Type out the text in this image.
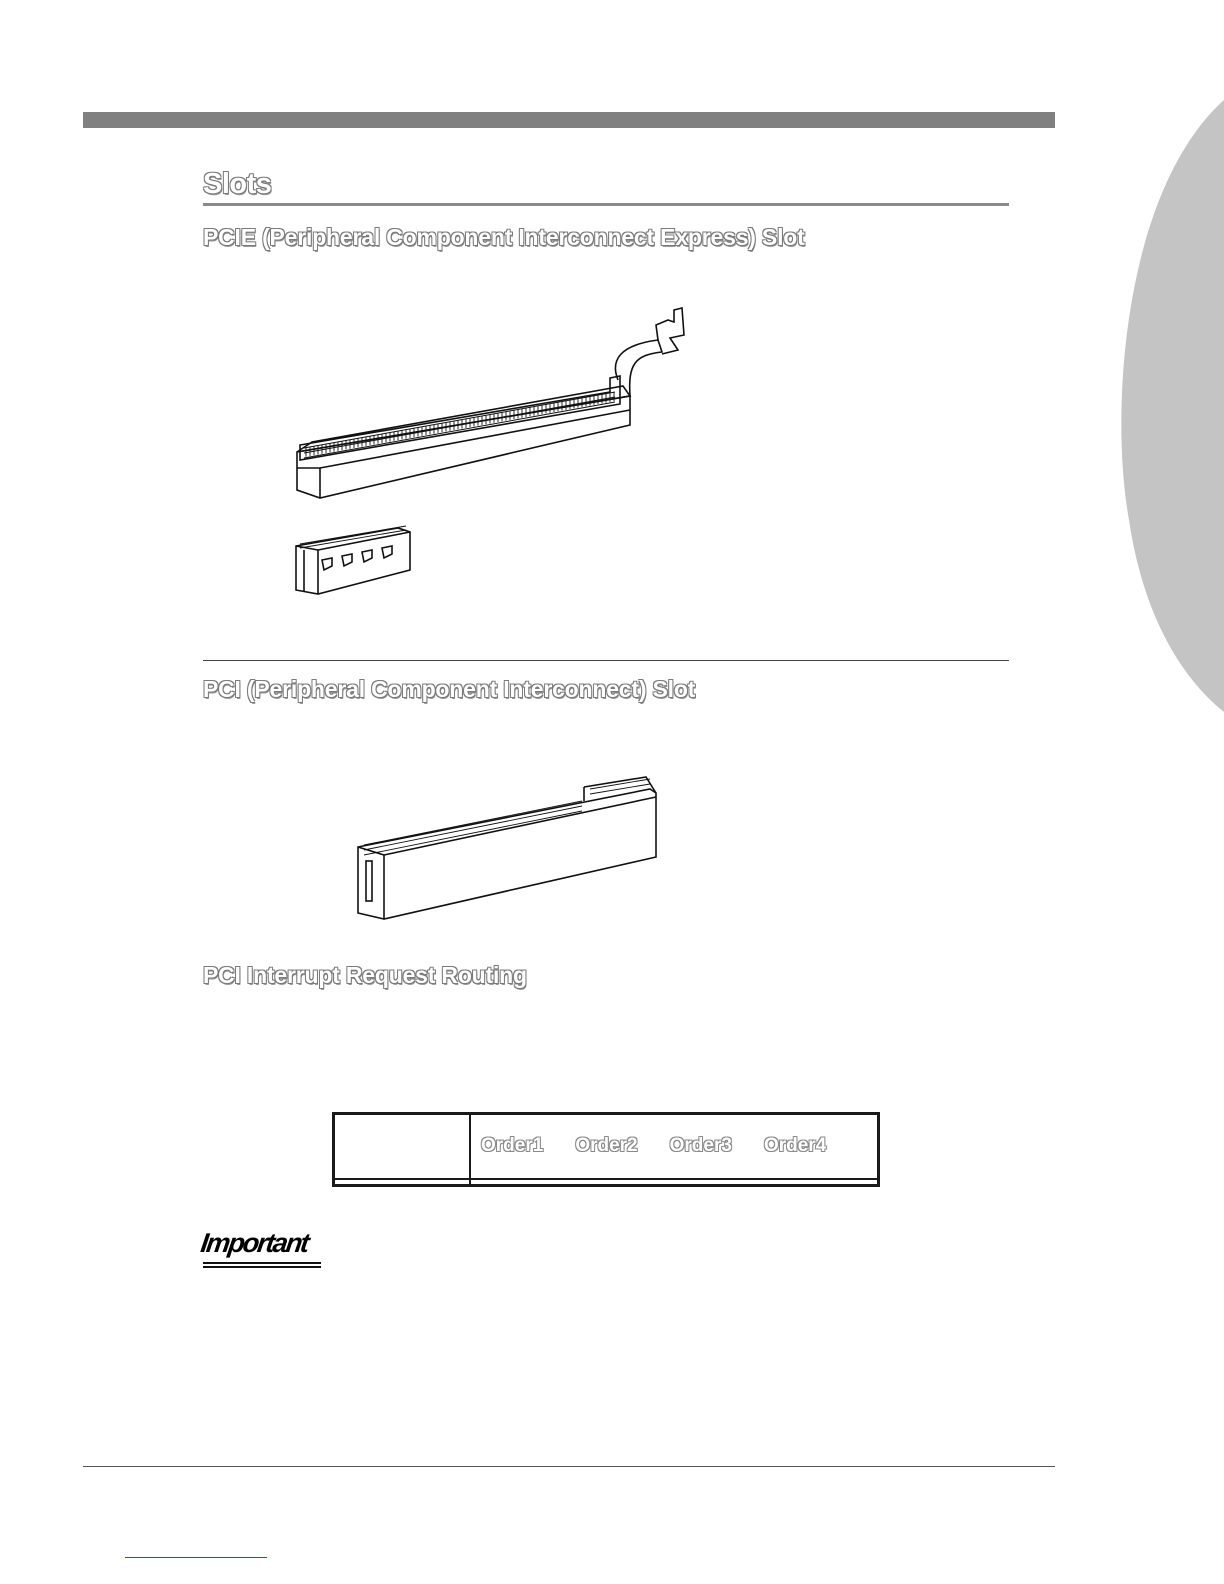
Slots
PCIE (Peripheral Component Interconnect Express) Slot
PCI (Peripheral Component Interconnect) Slot
PCI Interrupt Request Routing

	Order1 Order2 Order3 Order4

Important
